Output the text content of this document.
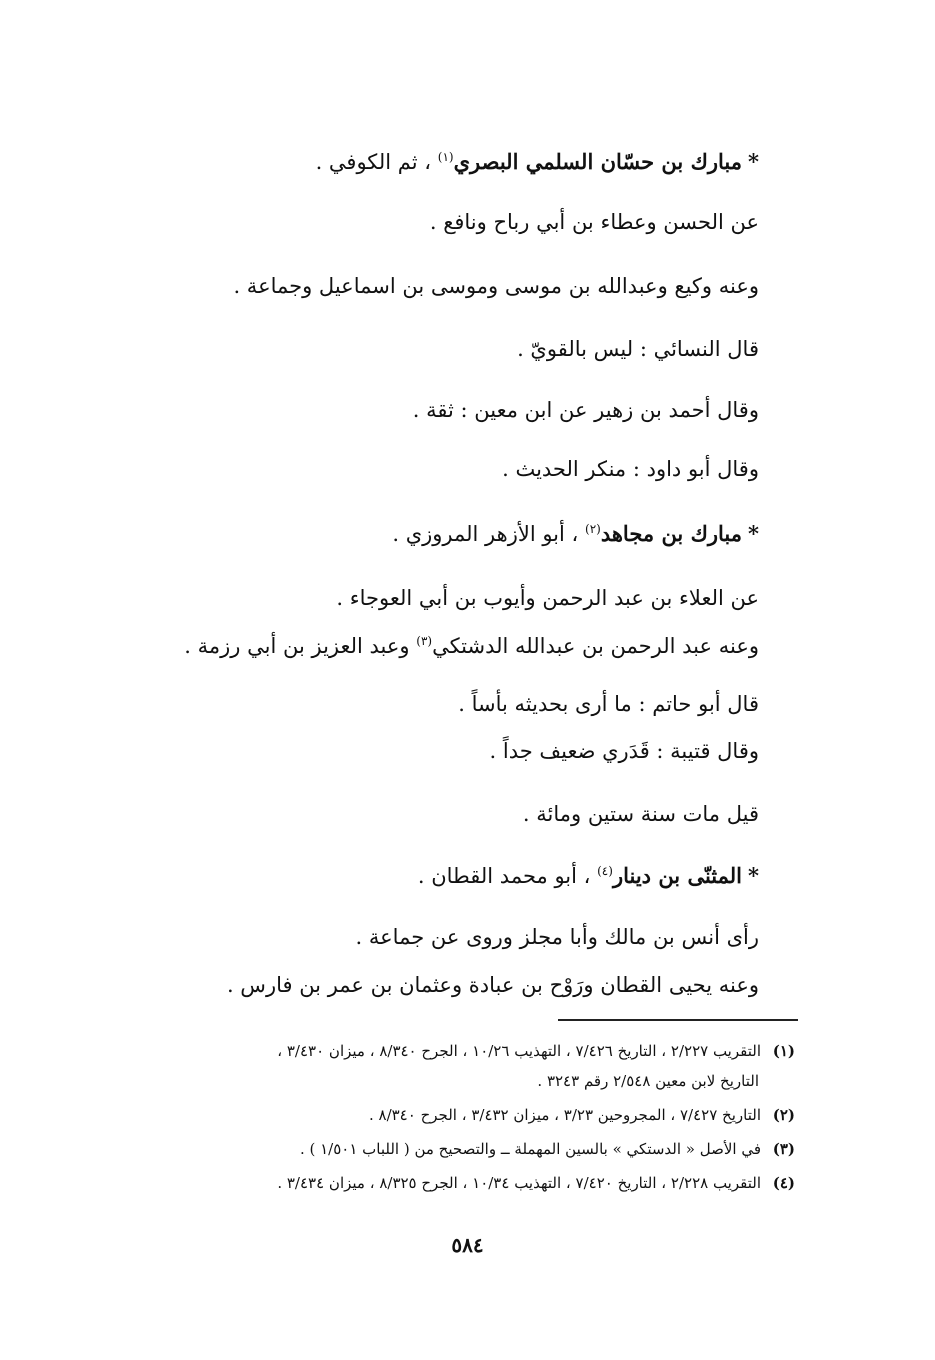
*مبارك بن حسّان السلمي البصري$^{(١)}$ ، ثم الكوفي .
عن الحسن وعطاء بن أبي رباح ونافع .
وعنه وكيع وعبدالله بن موسى وموسى بن اسماعيل وجماعة .
قال النسائي : ليس بالقويّ .
وقال أحمد بن زهير عن ابن معين : ثقة .
وقال أبو داود : منكر الحديث .
*مبارك بن مجاهد$^{(٢)}$ ، أبو الأزهر المروزي .
عن العلاء بن عبد الرحمن وأيوب بن أبي العوجاء .
وعنه عبد الرحمن بن عبدالله الدشتكي$^{(٣)}$ وعبد العزيز بن أبي رزمة .
قال أبو حاتم : ما أرى بحديثه بأساً .
وقال قتيبة : قَدَري ضعيف جداً .
قيل مات سنة ستين ومائة .
*المثنّى بن دينار$^{(٤)}$ ، أبو محمد القطان .
رأى أنس بن مالك وأبا مجلز وروى عن جماعة .
وعنه يحيى القطان ورَوْح بن عبادة وعثمان بن عمر بن فارس .
(١)التقريب ٢/٢٢٧ ، التاريخ ٧/٤٢٦ ، التهذيب ١٠/٢٦ ، الجرح ٨/٣٤٠ ، ميزان ٣/٤٣٠ ،
التاريخ لابن معين ٢/٥٤٨ رقم ٣٢٤٣ .
(٢)التاريخ ٧/٤٢٧ ، المجروحين ٣/٢٣ ، ميزان ٣/٤٣٢ ، الجرح ٨/٣٤٠ .
(٣)في الأصل « الدستكي » بالسين المهملة ــ والتصحيح من ( اللباب ١/٥٠١ ) .
(٤)التقريب ٢/٢٢٨ ، التاريخ ٧/٤٢٠ ، التهذيب ١٠/٣٤ ، الجرح ٨/٣٢٥ ، ميزان ٣/٤٣٤ .
٥٨٤
